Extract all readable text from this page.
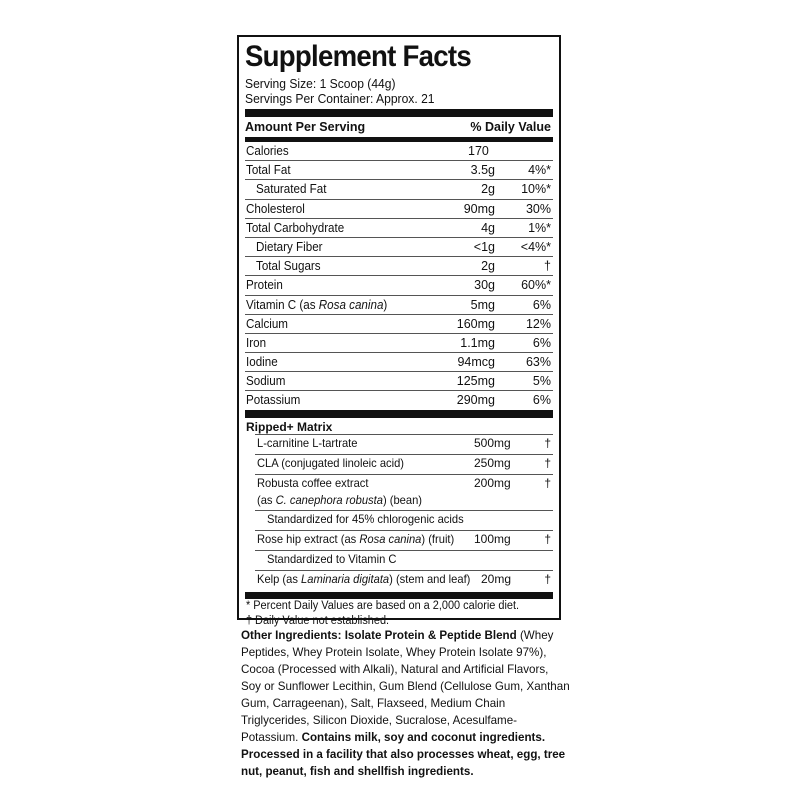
Supplement Facts
Serving Size: 1 Scoop (44g)
Servings Per Container: Approx. 21
Amount Per Serving	% Daily Value
Calories	170
Total Fat	3.5g	4%*
Saturated Fat	2g 10%*
Cholesterol	90mg 30%
Total Carbohydrate	4g	1%*
Dietary Fiber	<1g <4%*
Total Sugars	2g	†
Protein	30g 60%*
Vitamin C (as Rosa canina)	5mg	6%
Calcium	160mg 12%
Iron	1.1mg	6%
Iodine	94mcg 63%
Sodium	125mg	5%
Potassium	290mg	6%
Ripped+ Matrix
L-carnitine L-tartrate	500mg	†
CLA (conjugated linoleic acid)	250mg	†
Robusta coffee extract
(as C. canephora robusta) (bean)
200mg	†
Standardized for 45% chlorogenic acids
Rose hip extract (as Rosa canina) (fruit) 100mg	†
Standardized to Vitamin C
Kelp (as Laminaria digitata) (stem and leaf) 20mg	†
* Percent Daily Values are based on a 2,000 calorie diet.
† Daily Value not established.

Other Ingredients: Isolate Protein & Peptide Blend (Whey Peptides, Whey Protein Isolate, Whey Protein Isolate 97%), Cocoa (Processed with Alkali), Natural and Artificial Flavors, Soy or Sunflower Lecithin, Gum Blend (Cellulose Gum, Xanthan Gum, Carrageenan), Salt, Flaxseed, Medium Chain Triglycerides, Silicon Dioxide, Sucralose, Acesulfame-Potassium. Contains milk, soy and coconut ingredients. Processed in a facility that also processes wheat, egg, tree nut, peanut, fish and shellfish ingredients.
